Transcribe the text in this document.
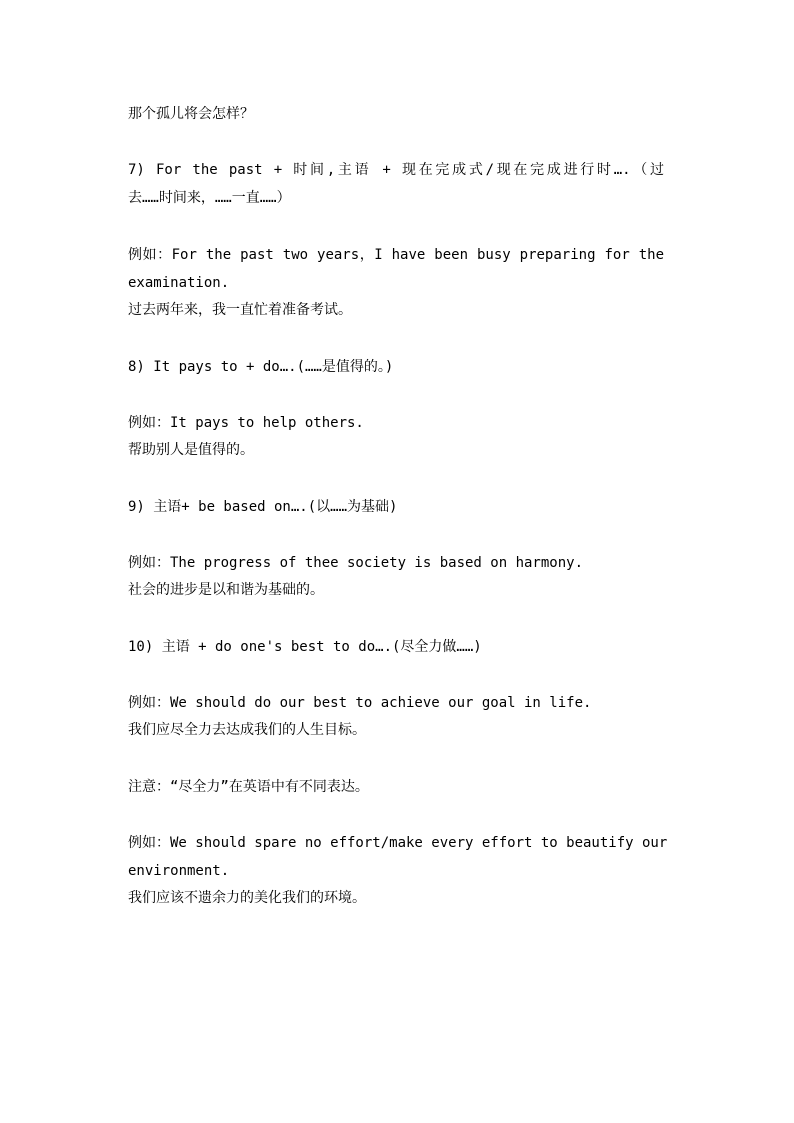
那个孤儿将会怎样？
7) For the past + 时间,主语 + 现在完成式/现在完成进行时….（过
去……时间来，……一直……）
例如：For the past two years，I have been busy preparing for the
examination.
过去两年来，我一直忙着准备考试。
8) It pays to + do….(……是值得的。)
例如：It pays to help others.
帮助别人是值得的。
9) 主语+ be based on….(以……为基础)
例如：The progress of thee society is based on harmony.
社会的进步是以和谐为基础的。
10) 主语 + do one's best to do….(尽全力做……)
例如：We should do our best to achieve our goal in life.
我们应尽全力去达成我们的人生目标。
注意：“尽全力”在英语中有不同表达。
例如：We should spare no effort/make every effort to beautify our
environment.
我们应该不遗余力的美化我们的环境。
